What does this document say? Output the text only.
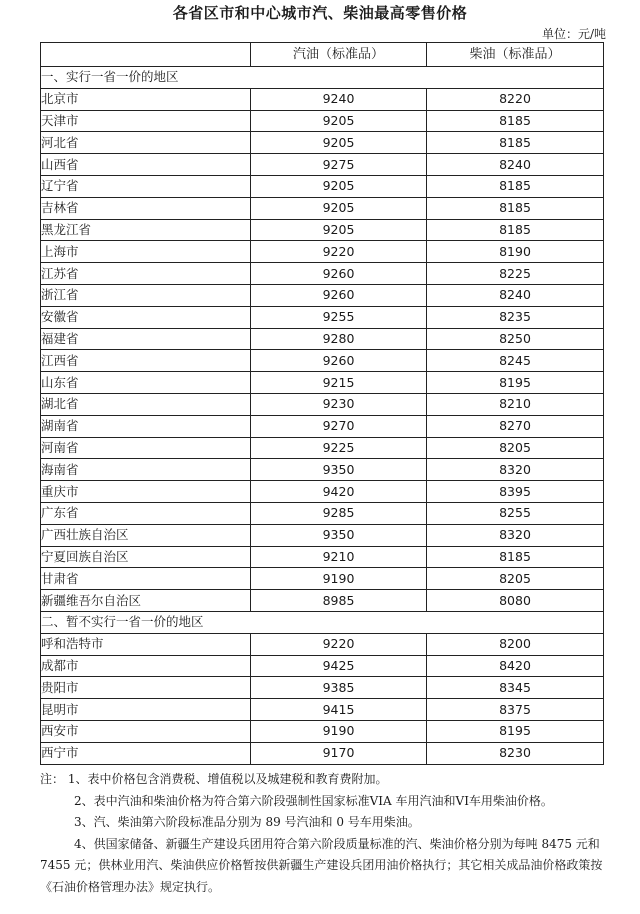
各省区市和中心城市汽、柴油最高零售价格
单位：元/吨
	汽油（标准品）	柴油（标准品）
一、实行一省一价的地区		
北京市	9240	8220
天津市	9205	8185
河北省	9205	8185
山西省	9275	8240
辽宁省	9205	8185
吉林省	9205	8185
黑龙江省	9205	8185
上海市	9220	8190
江苏省	9260	8225
浙江省	9260	8240
安徽省	9255	8235
福建省	9280	8250
江西省	9260	8245
山东省	9215	8195
湖北省	9230	8210
湖南省	9270	8270
河南省	9225	8205
海南省	9350	8320
重庆市	9420	8395
广东省	9285	8255
广西壮族自治区	9350	8320
宁夏回族自治区	9210	8185
甘肃省	9190	8205
新疆维吾尔自治区	8985	8080
二、暂不实行一省一价的地区		
呼和浩特市	9220	8200
成都市	9425	8420
贵阳市	9385	8345
昆明市	9415	8375
西安市	9190	8195
西宁市	9170	8230

注： 1、表中价格包含消费税、增值税以及城建税和教育费附加。

2、表中汽油和柴油价格为符合第六阶段强制性国家标准VIA 车用汽油和VI车用柴油价格。

3、汽、柴油第六阶段标准品分别为 89 号汽油和 0 号车用柴油。

4、供国家储备、新疆生产建设兵团用符合第六阶段质量标准的汽、柴油价格分别为每吨 8475 元和 7455 元；供林业用汽、柴油供应价格暂按供新疆生产建设兵团用油价格执行；其它相关成品油价格政策按《石油价格管理办法》规定执行。
